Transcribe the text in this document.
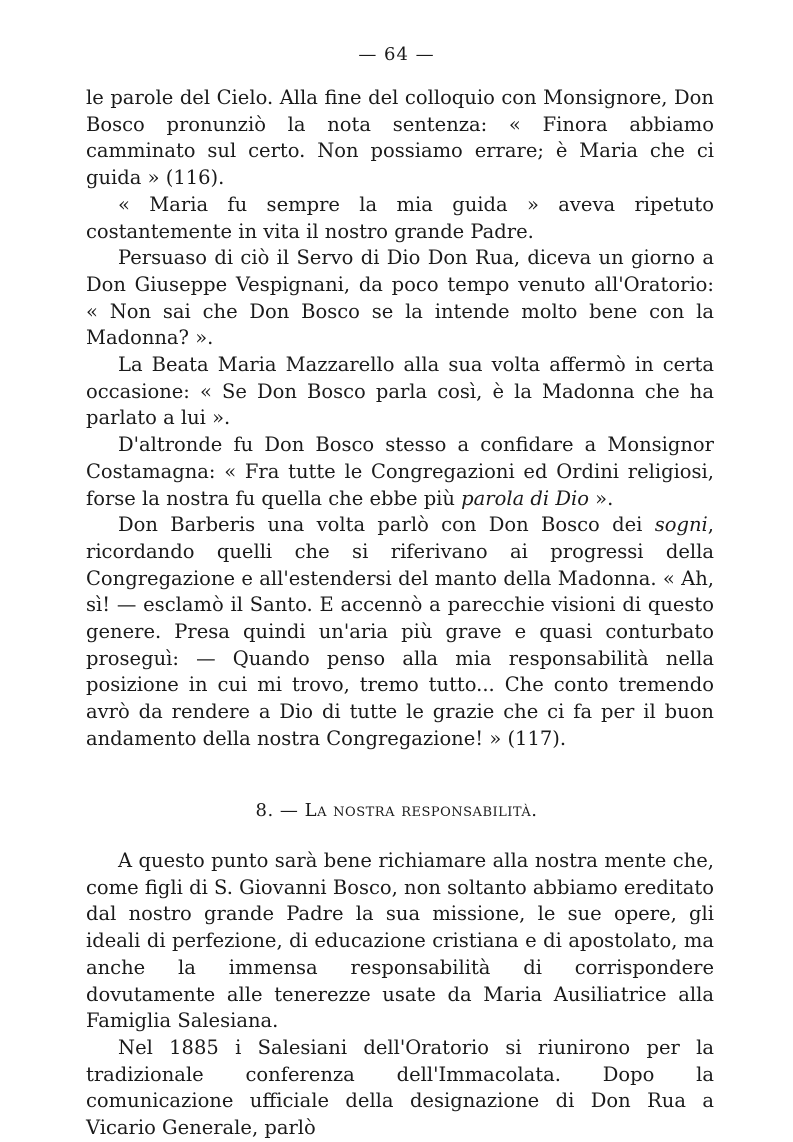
— 64 —

le parole del Cielo. Alla fine del colloquio con Monsignore, Don Bosco pronunziò la nota sentenza: « Finora abbiamo camminato sul certo. Non possiamo errare; è Maria che ci guida » (116).

« Maria fu sempre la mia guida » aveva ripetuto costantemente in vita il nostro grande Padre.

Persuaso di ciò il Servo di Dio Don Rua, diceva un giorno a Don Giuseppe Vespignani, da poco tempo venuto all'Oratorio: « Non sai che Don Bosco se la intende molto bene con la Madonna? ».

La Beata Maria Mazzarello alla sua volta affermò in certa occasione: « Se Don Bosco parla così, è la Madonna che ha parlato a lui ».

D'altronde fu Don Bosco stesso a confidare a Monsignor Costamagna: « Fra tutte le Congregazioni ed Ordini religiosi, forse la nostra fu quella che ebbe più parola di Dio ».

Don Barberis una volta parlò con Don Bosco dei sogni, ricordando quelli che si riferivano ai progressi della Congregazione e all'estendersi del manto della Madonna. « Ah, sì! — esclamò il Santo. E accennò a parecchie visioni di questo genere. Presa quindi un'aria più grave e quasi conturbato proseguì: — Quando penso alla mia responsabilità nella posizione in cui mi trovo, tremo tutto... Che conto tremendo avrò da rendere a Dio di tutte le grazie che ci fa per il buon andamento della nostra Congregazione! » (117).

8. — La nostra responsabilità.

A questo punto sarà bene richiamare alla nostra mente che, come figli di S. Giovanni Bosco, non soltanto abbiamo ereditato dal nostro grande Padre la sua missione, le sue opere, gli ideali di perfezione, di educazione cristiana e di apostolato, ma anche la immensa responsabilità di corrispondere dovutamente alle tenerezze usate da Maria Ausiliatrice alla Famiglia Salesiana.

Nel 1885 i Salesiani dell'Oratorio si riunirono per la tradizionale conferenza dell'Immacolata. Dopo la comunicazione ufficiale della designazione di Don Rua a Vicario Generale, parlò
